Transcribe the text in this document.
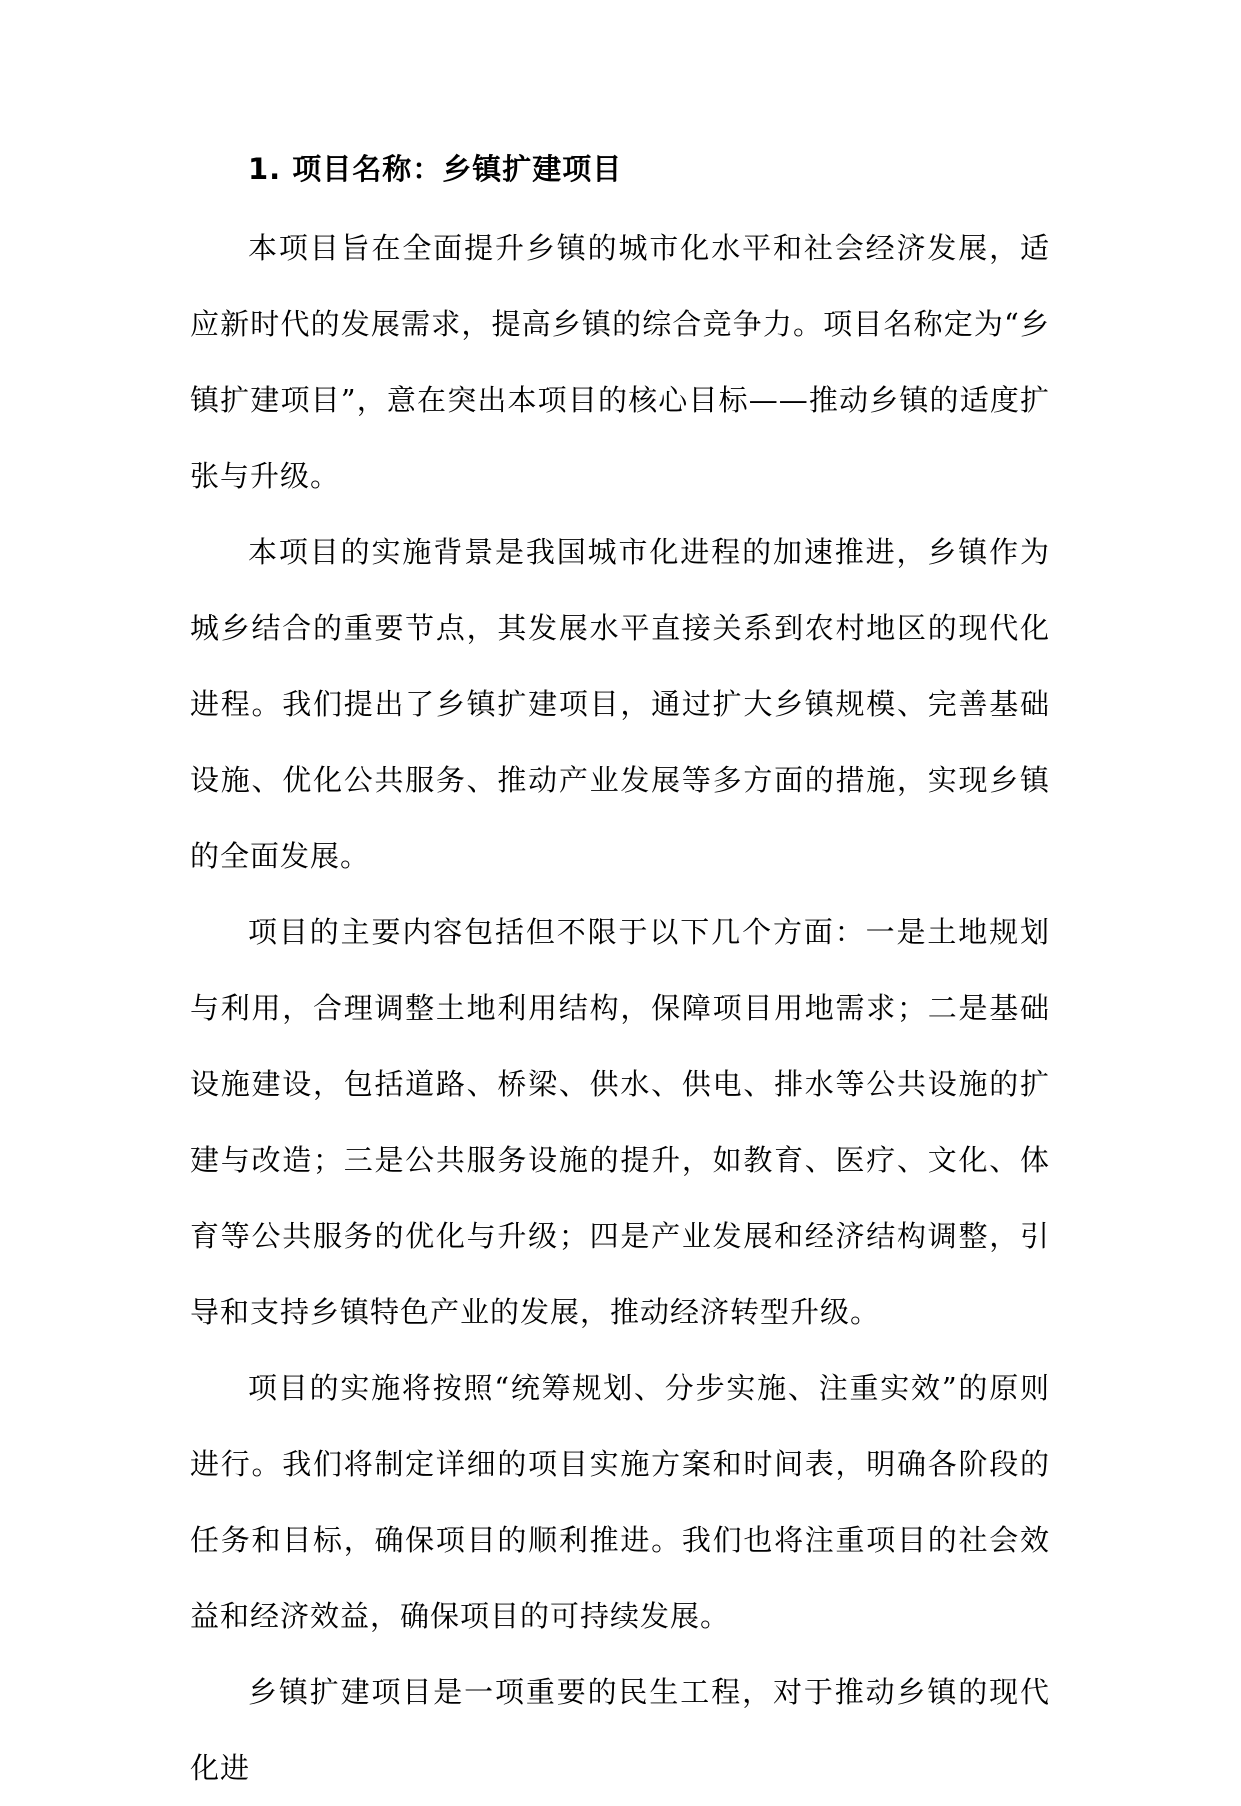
1. 项目名称：乡镇扩建项目

本项目旨在全面提升乡镇的城市化水平和社会经济发展，适应新时代的发展需求，提高乡镇的综合竞争力。项目名称定为“乡镇扩建项目”，意在突出本项目的核心目标——推动乡镇的适度扩张与升级。

本项目的实施背景是我国城市化进程的加速推进，乡镇作为城乡结合的重要节点，其发展水平直接关系到农村地区的现代化进程。我们提出了乡镇扩建项目，通过扩大乡镇规模、完善基础设施、优化公共服务、推动产业发展等多方面的措施，实现乡镇的全面发展。

项目的主要内容包括但不限于以下几个方面：一是土地规划与利用，合理调整土地利用结构，保障项目用地需求；二是基础设施建设，包括道路、桥梁、供水、供电、排水等公共设施的扩建与改造；三是公共服务设施的提升，如教育、医疗、文化、体育等公共服务的优化与升级；四是产业发展和经济结构调整，引导和支持乡镇特色产业的发展，推动经济转型升级。

项目的实施将按照“统筹规划、分步实施、注重实效”的原则进行。我们将制定详细的项目实施方案和时间表，明确各阶段的任务和目标，确保项目的顺利推进。我们也将注重项目的社会效益和经济效益，确保项目的可持续发展。

乡镇扩建项目是一项重要的民生工程，对于推动乡镇的现代化进
